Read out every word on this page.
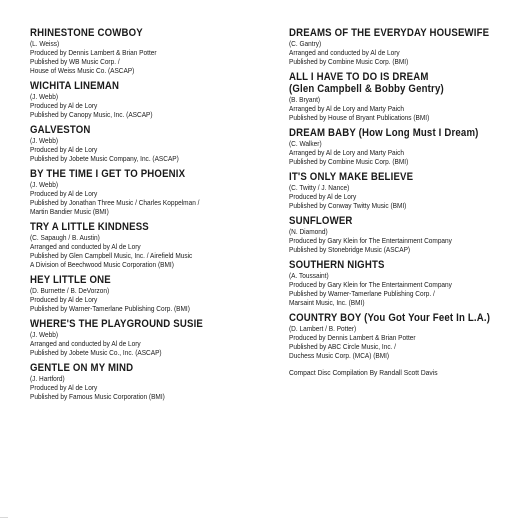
RHINESTONE COWBOY
(L. Weiss)
Produced by Dennis Lambert & Brian Potter
Published by WB Music Corp. /
House of Weiss Music Co. (ASCAP)
WICHITA LINEMAN
(J. Webb)
Produced by Al de Lory
Published by Canopy Music, Inc. (ASCAP)
GALVESTON
(J. Webb)
Produced by Al de Lory
Published by Jobete Music Company, Inc. (ASCAP)
BY THE TIME I GET TO PHOENIX
(J. Webb)
Produced by Al de Lory
Published by Jonathan Three Music / Charles Koppelman /
Martin Bandier Music (BMI)
TRY A LITTLE KINDNESS
(C. Sapaugh / B. Austin)
Arranged and conducted by Al de Lory
Published by Glen Campbell Music, Inc. / Airefield Music
A Division of Beechwood Music Corporation (BMI)
HEY LITTLE ONE
(D. Burnette / B. DeVorzon)
Produced by Al de Lory
Published by Warner-Tamerlane Publishing Corp. (BMI)
WHERE'S THE PLAYGROUND SUSIE
(J. Webb)
Arranged and conducted by Al de Lory
Published by Jobete Music Co., Inc. (ASCAP)
GENTLE ON MY MIND
(J. Hartford)
Produced by Al de Lory
Published by Famous Music Corporation (BMI)
DREAMS OF THE EVERYDAY HOUSEWIFE
(C. Gantry)
Arranged and conducted by Al de Lory
Published by Combine Music Corp. (BMI)
ALL I HAVE TO DO IS DREAM
(Glen Campbell & Bobby Gentry)
(B. Bryant)
Arranged by Al de Lory and Marty Paich
Published by House of Bryant Publications (BMI)
DREAM BABY (How Long Must I Dream)
(C. Walker)
Arranged by Al de Lory and Marty Paich
Published by Combine Music Corp. (BMI)
IT'S ONLY MAKE BELIEVE
(C. Twitty / J. Nance)
Produced by Al de Lory
Published by Conway Twitty Music (BMI)
SUNFLOWER
(N. Diamond)
Produced by Gary Klein for The Entertainment Company
Published by Stonebridge Music (ASCAP)
SOUTHERN NIGHTS
(A. Toussaint)
Produced by Gary Klein for The Entertainment Company
Published by Warner-Tamerlane Publishing Corp. /
Marsaint Music, Inc. (BMI)
COUNTRY BOY (You Got Your Feet In L.A.)
(D. Lambert / B. Potter)
Produced by Dennis Lambert & Brian Potter
Published by ABC Circle Music, Inc. /
Duchess Music Corp. (MCA) (BMI)
Compact Disc Compilation By Randall Scott Davis
